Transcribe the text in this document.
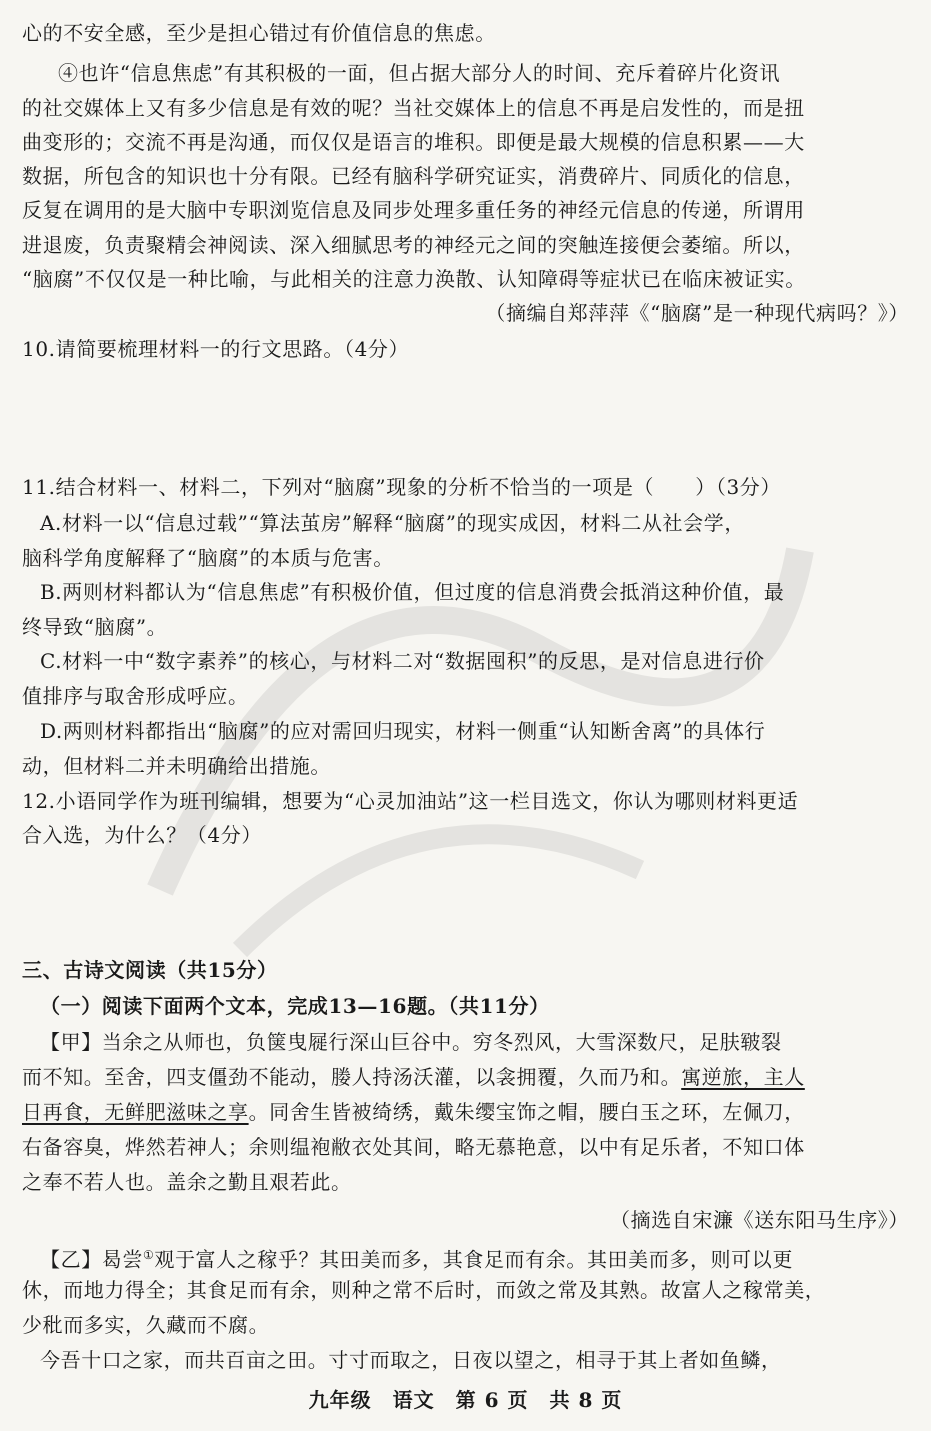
心的不安全感，至少是担心错过有价值信息的焦虑。
④也许“信息焦虑”有其积极的一面，但占据大部分人的时间、充斥着碎片化资讯
的社交媒体上又有多少信息是有效的呢？当社交媒体上的信息不再是启发性的，而是扭
曲变形的；交流不再是沟通，而仅仅是语言的堆积。即便是最大规模的信息积累——大
数据，所包含的知识也十分有限。已经有脑科学研究证实，消费碎片、同质化的信息，
反复在调用的是大脑中专职浏览信息及同步处理多重任务的神经元信息的传递，所谓用
进退废，负责聚精会神阅读、深入细腻思考的神经元之间的突触连接便会萎缩。所以，
“脑腐”不仅仅是一种比喻，与此相关的注意力涣散、认知障碍等症状已在临床被证实。
（摘编自郑萍萍《“脑腐”是一种现代病吗？》）
10.请简要梳理材料一的行文思路。（4分）
11.结合材料一、材料二，下列对“脑腐”现象的分析不恰当的一项是（　　）（3分）
A.材料一以“信息过载”“算法茧房”解释“脑腐”的现实成因，材料二从社会学，
脑科学角度解释了“脑腐”的本质与危害。
B.两则材料都认为“信息焦虑”有积极价值，但过度的信息消费会抵消这种价值，最
终导致“脑腐”。
C.材料一中“数字素养”的核心，与材料二对“数据囤积”的反思，是对信息进行价
值排序与取舍形成呼应。
D.两则材料都指出“脑腐”的应对需回归现实，材料一侧重“认知断舍离”的具体行
动，但材料二并未明确给出措施。
12.小语同学作为班刊编辑，想要为“心灵加油站”这一栏目选文，你认为哪则材料更适
合入选，为什么？（4分）
三、古诗文阅读（共15分）
（一）阅读下面两个文本，完成13—16题。（共11分）
【甲】当余之从师也，负箧曳屣行深山巨谷中。穷冬烈风，大雪深数尺，足肤皲裂
而不知。至舍，四支僵劲不能动，媵人持汤沃灌，以衾拥覆，久而乃和。寓逆旅，主人
日再食，无鲜肥滋味之享。同舍生皆被绮绣，戴朱缨宝饰之帽，腰白玉之环，左佩刀，
右备容臭，烨然若神人；余则缊袍敝衣处其间，略无慕艳意，以中有足乐者，不知口体
之奉不若人也。盖余之勤且艰若此。
（摘选自宋濂《送东阳马生序》）
【乙】曷尝①观于富人之稼乎？其田美而多，其食足而有余。其田美而多，则可以更
休，而地力得全；其食足而有余，则种之常不后时，而敛之常及其熟。故富人之稼常美，
少秕而多实，久藏而不腐。
今吾十口之家，而共百亩之田。寸寸而取之，日夜以望之，相寻于其上者如鱼鳞，
九年级　语文　第 6 页　共 8 页
